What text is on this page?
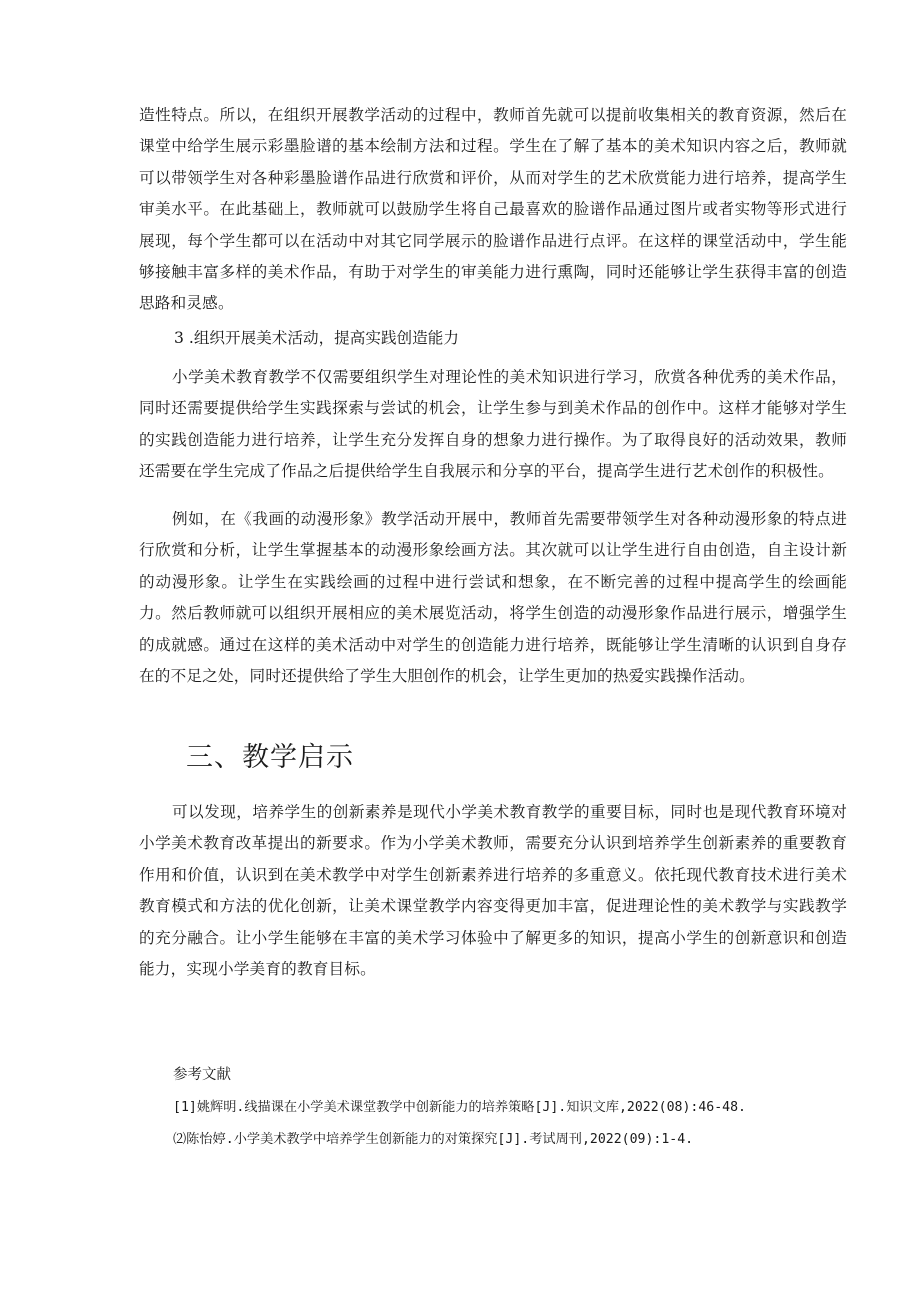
造性特点。所以，在组织开展教学活动的过程中，教师首先就可以提前收集相关的教育资源，然后在课堂中给学生展示彩墨脸谱的基本绘制方法和过程。学生在了解了基本的美术知识内容之后，教师就可以带领学生对各种彩墨脸谱作品进行欣赏和评价，从而对学生的艺术欣赏能力进行培养，提高学生审美水平。在此基础上，教师就可以鼓励学生将自己最喜欢的脸谱作品通过图片或者实物等形式进行展现，每个学生都可以在活动中对其它同学展示的脸谱作品进行点评。在这样的课堂活动中，学生能够接触丰富多样的美术作品，有助于对学生的审美能力进行熏陶，同时还能够让学生获得丰富的创造思路和灵感。

3 .组织开展美术活动，提高实践创造能力

小学美术教育教学不仅需要组织学生对理论性的美术知识进行学习，欣赏各种优秀的美术作品，同时还需要提供给学生实践探索与尝试的机会，让学生参与到美术作品的创作中。这样才能够对学生的实践创造能力进行培养，让学生充分发挥自身的想象力进行操作。为了取得良好的活动效果，教师还需要在学生完成了作品之后提供给学生自我展示和分享的平台，提高学生进行艺术创作的积极性。

例如，在《我画的动漫形象》教学活动开展中，教师首先需要带领学生对各种动漫形象的特点进行欣赏和分析，让学生掌握基本的动漫形象绘画方法。其次就可以让学生进行自由创造，自主设计新的动漫形象。让学生在实践绘画的过程中进行尝试和想象，在不断完善的过程中提高学生的绘画能力。然后教师就可以组织开展相应的美术展览活动，将学生创造的动漫形象作品进行展示，增强学生的成就感。通过在这样的美术活动中对学生的创造能力进行培养，既能够让学生清晰的认识到自身存在的不足之处，同时还提供给了学生大胆创作的机会，让学生更加的热爱实践操作活动。

三、教学启示

可以发现，培养学生的创新素养是现代小学美术教育教学的重要目标，同时也是现代教育环境对小学美术教育改革提出的新要求。作为小学美术教师，需要充分认识到培养学生创新素养的重要教育作用和价值，认识到在美术教学中对学生创新素养进行培养的多重意义。依托现代教育技术进行美术教育模式和方法的优化创新，让美术课堂教学内容变得更加丰富，促进理论性的美术教学与实践教学的充分融合。让小学生能够在丰富的美术学习体验中了解更多的知识，提高小学生的创新意识和创造能力，实现小学美育的教育目标。

参考文献

[1]姚辉明.线描课在小学美术课堂教学中创新能力的培养策略[J].知识文库,2022(08):46-48.

⑵陈怡婷.小学美术教学中培养学生创新能力的对策探究[J].考试周刊,2022(09):1-4.
